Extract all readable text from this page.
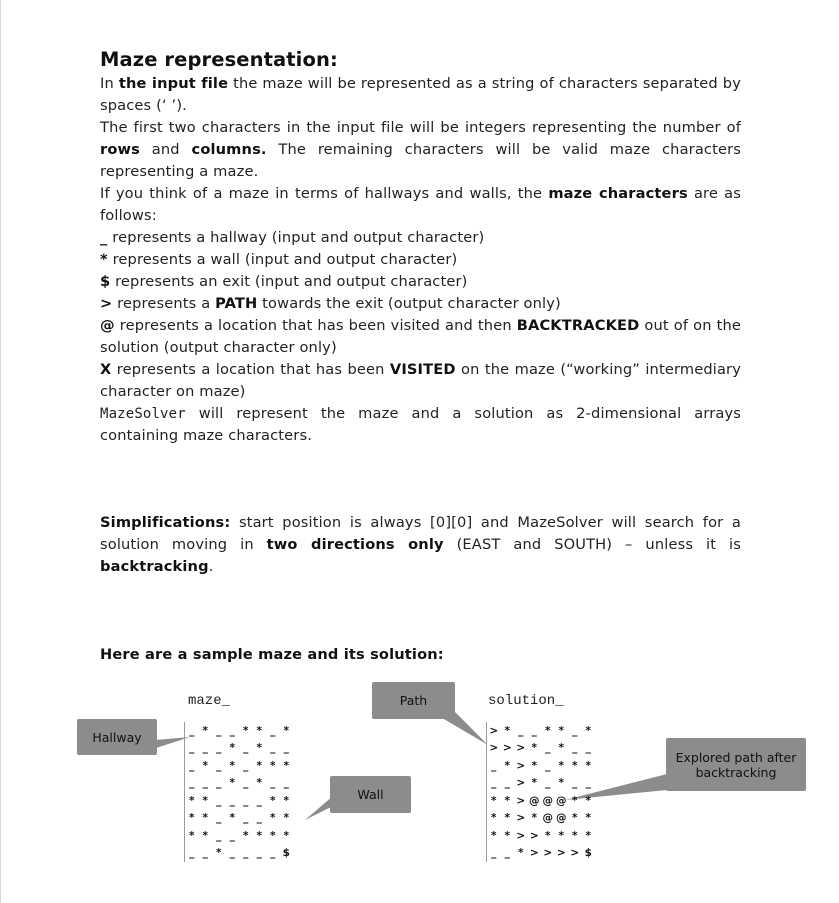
Maze representation:

In the input file the maze will be represented as a string of characters separated by spaces (‘ ’).

The first two characters in the input file will be integers representing the number of rows and columns. The remaining characters will be valid maze characters representing a maze.

If you think of a maze in terms of hallways and walls, the maze characters are as follows:

_ represents a hallway (input and output character)

* represents a wall (input and output character)

$ represents an exit (input and output character)

> represents a PATH towards the exit (output character only)

@ represents a location that has been visited and then BACKTRACKED out of on the solution (output character only)

X represents a location that has been VISITED on the maze (“working” intermediary character on maze)

MazeSolver will represent the maze and a solution as 2-dimensional arrays containing maze characters.

Simplifications: start position is always [0][0] and MazeSolver will search for a solution moving in two directions only (EAST and SOUTH) – unless it is backtracking.

Here are a sample maze and its solution:

maze_
_ * _ _ * * _ *
_ _ _ * _ * _ _
_ * _ * _ * * *
_ _ _ * _ * _ _
* * _ _ _ _ * *
* * _ * _ _ * *
* * _ _ * * * *
_ _ * _ _ _ _ $
solution_
> * _ _ * * _ *
> > > * _ * _ _
_ * > * _ * * *
_ _ > * _ * _ _
* * > @ @ @ * *
* * > * @ @ * *
* * > > * * * *
_ _ * > > > > $
Hallway
Wall
Path
Explored path after backtracking
